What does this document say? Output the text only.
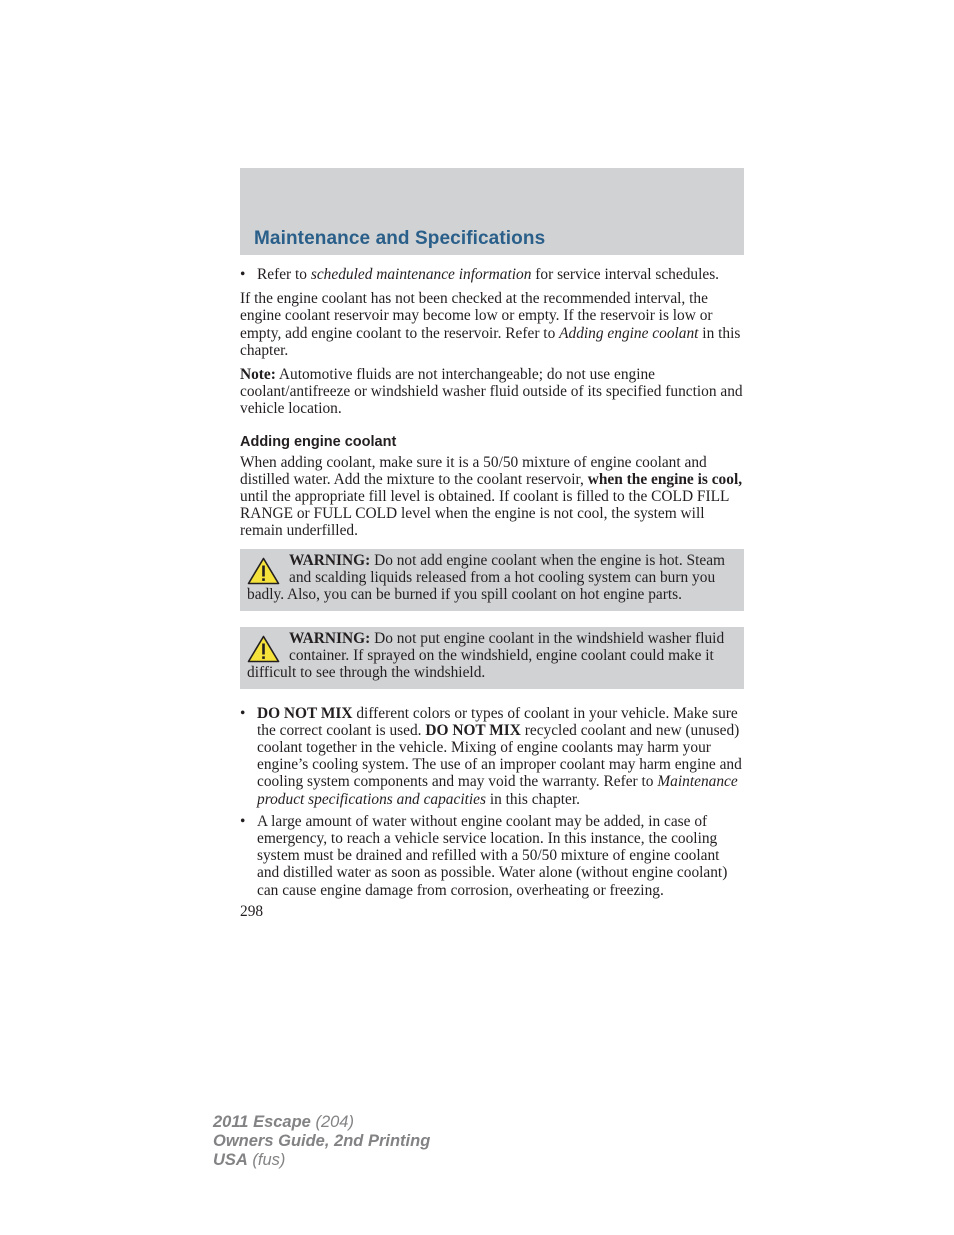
Maintenance and Specifications
• Refer to scheduled maintenance information for service interval schedules.

If the engine coolant has not been checked at the recommended interval, the engine coolant reservoir may become low or empty. If the reservoir is low or empty, add engine coolant to the reservoir. Refer to Adding engine coolant in this chapter.

Note: Automotive fluids are not interchangeable; do not use engine coolant/antifreeze or windshield washer fluid outside of its specified function and vehicle location.

Adding engine coolant

When adding coolant, make sure it is a 50/50 mixture of engine coolant and distilled water. Add the mixture to the coolant reservoir, when the engine is cool, until the appropriate fill level is obtained. If coolant is filled to the COLD FILL RANGE or FULL COLD level when the engine is not cool, the system will remain underfilled.

WARNING: Do not add engine coolant when the engine is hot. Steam and scalding liquids released from a hot cooling system can burn you badly. Also, you can be burned if you spill coolant on hot engine parts.
WARNING: Do not put engine coolant in the windshield washer fluid container. If sprayed on the windshield, engine coolant could make it difficult to see through the windshield.
• DO NOT MIX different colors or types of coolant in your vehicle. Make sure the correct coolant is used. DO NOT MIX recycled coolant and new (unused) coolant together in the vehicle. Mixing of engine coolants may harm your engine’s cooling system. The use of an improper coolant may harm engine and cooling system components and may void the warranty. Refer to Maintenance product specifications and capacities in this chapter.
• A large amount of water without engine coolant may be added, in case of emergency, to reach a vehicle service location. In this instance, the cooling system must be drained and refilled with a 50/50 mixture of engine coolant and distilled water as soon as possible. Water alone (without engine coolant) can cause engine damage from corrosion, overheating or freezing.
298
2011 Escape (204)
Owners Guide, 2nd Printing
USA (fus)
